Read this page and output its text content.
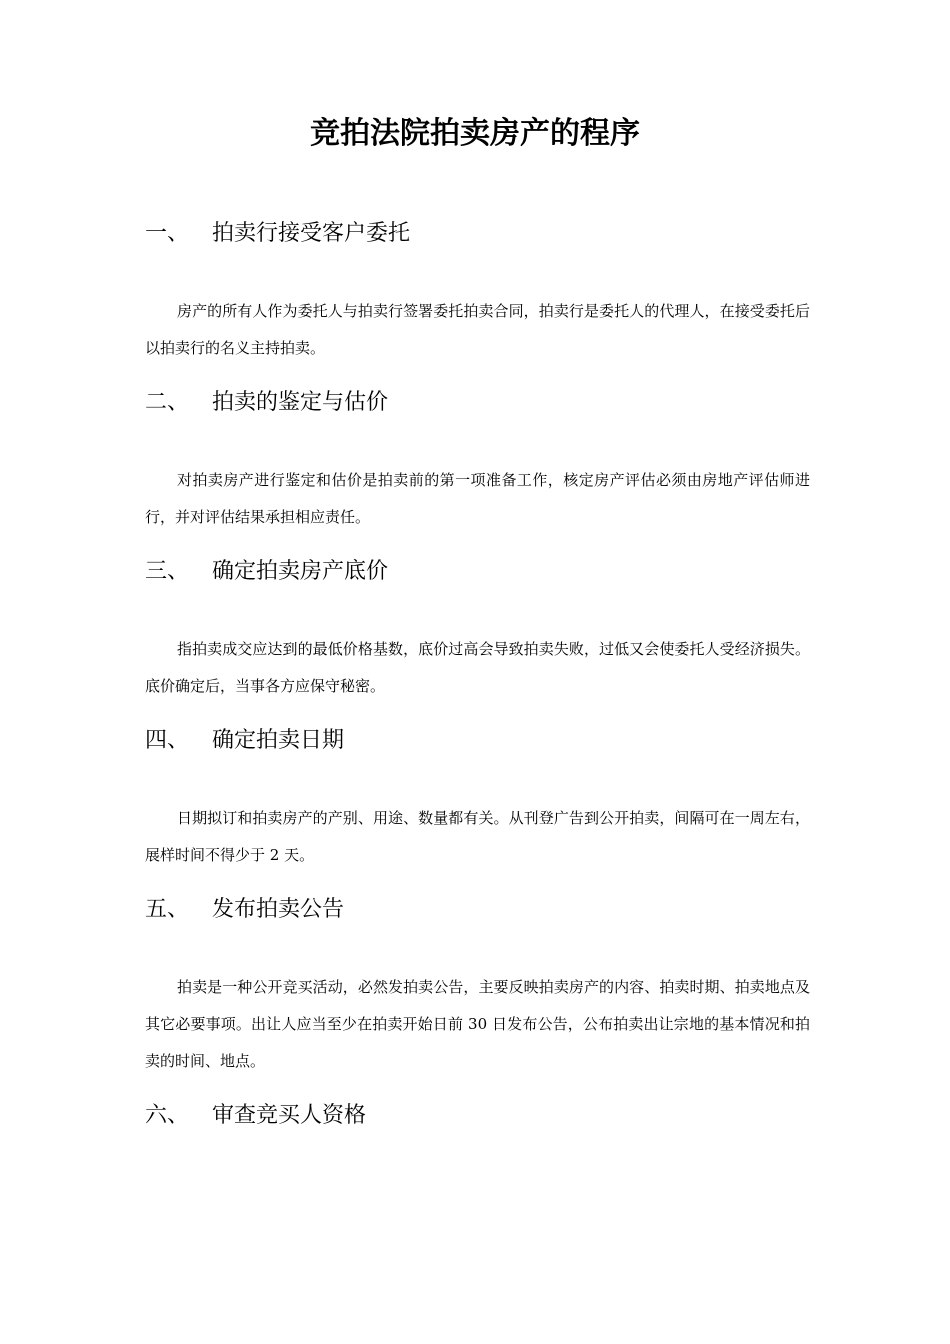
竞拍法院拍卖房产的程序
一、	拍卖行接受客户委托
房产的所有人作为委托人与拍卖行签署委托拍卖合同，拍卖行是委托人的代理人，在接受委托后以拍卖行的名义主持拍卖。
二、	拍卖的鉴定与估价
对拍卖房产进行鉴定和估价是拍卖前的第一项准备工作，核定房产评估必须由房地产评估师进行，并对评估结果承担相应责任。
三、	确定拍卖房产底价
指拍卖成交应达到的最低价格基数，底价过高会导致拍卖失败，过低又会使委托人受经济损失。底价确定后，当事各方应保守秘密。
四、	确定拍卖日期
日期拟订和拍卖房产的产别、用途、数量都有关。从刊登广告到公开拍卖，间隔可在一周左右，展样时间不得少于 2 天。
五、	发布拍卖公告
拍卖是一种公开竞买活动，必然发拍卖公告，主要反映拍卖房产的内容、拍卖时期、拍卖地点及其它必要事项。出让人应当至少在拍卖开始日前 30 日发布公告，公布拍卖出让宗地的基本情况和拍卖的时间、地点。
六、	审查竞买人资格
